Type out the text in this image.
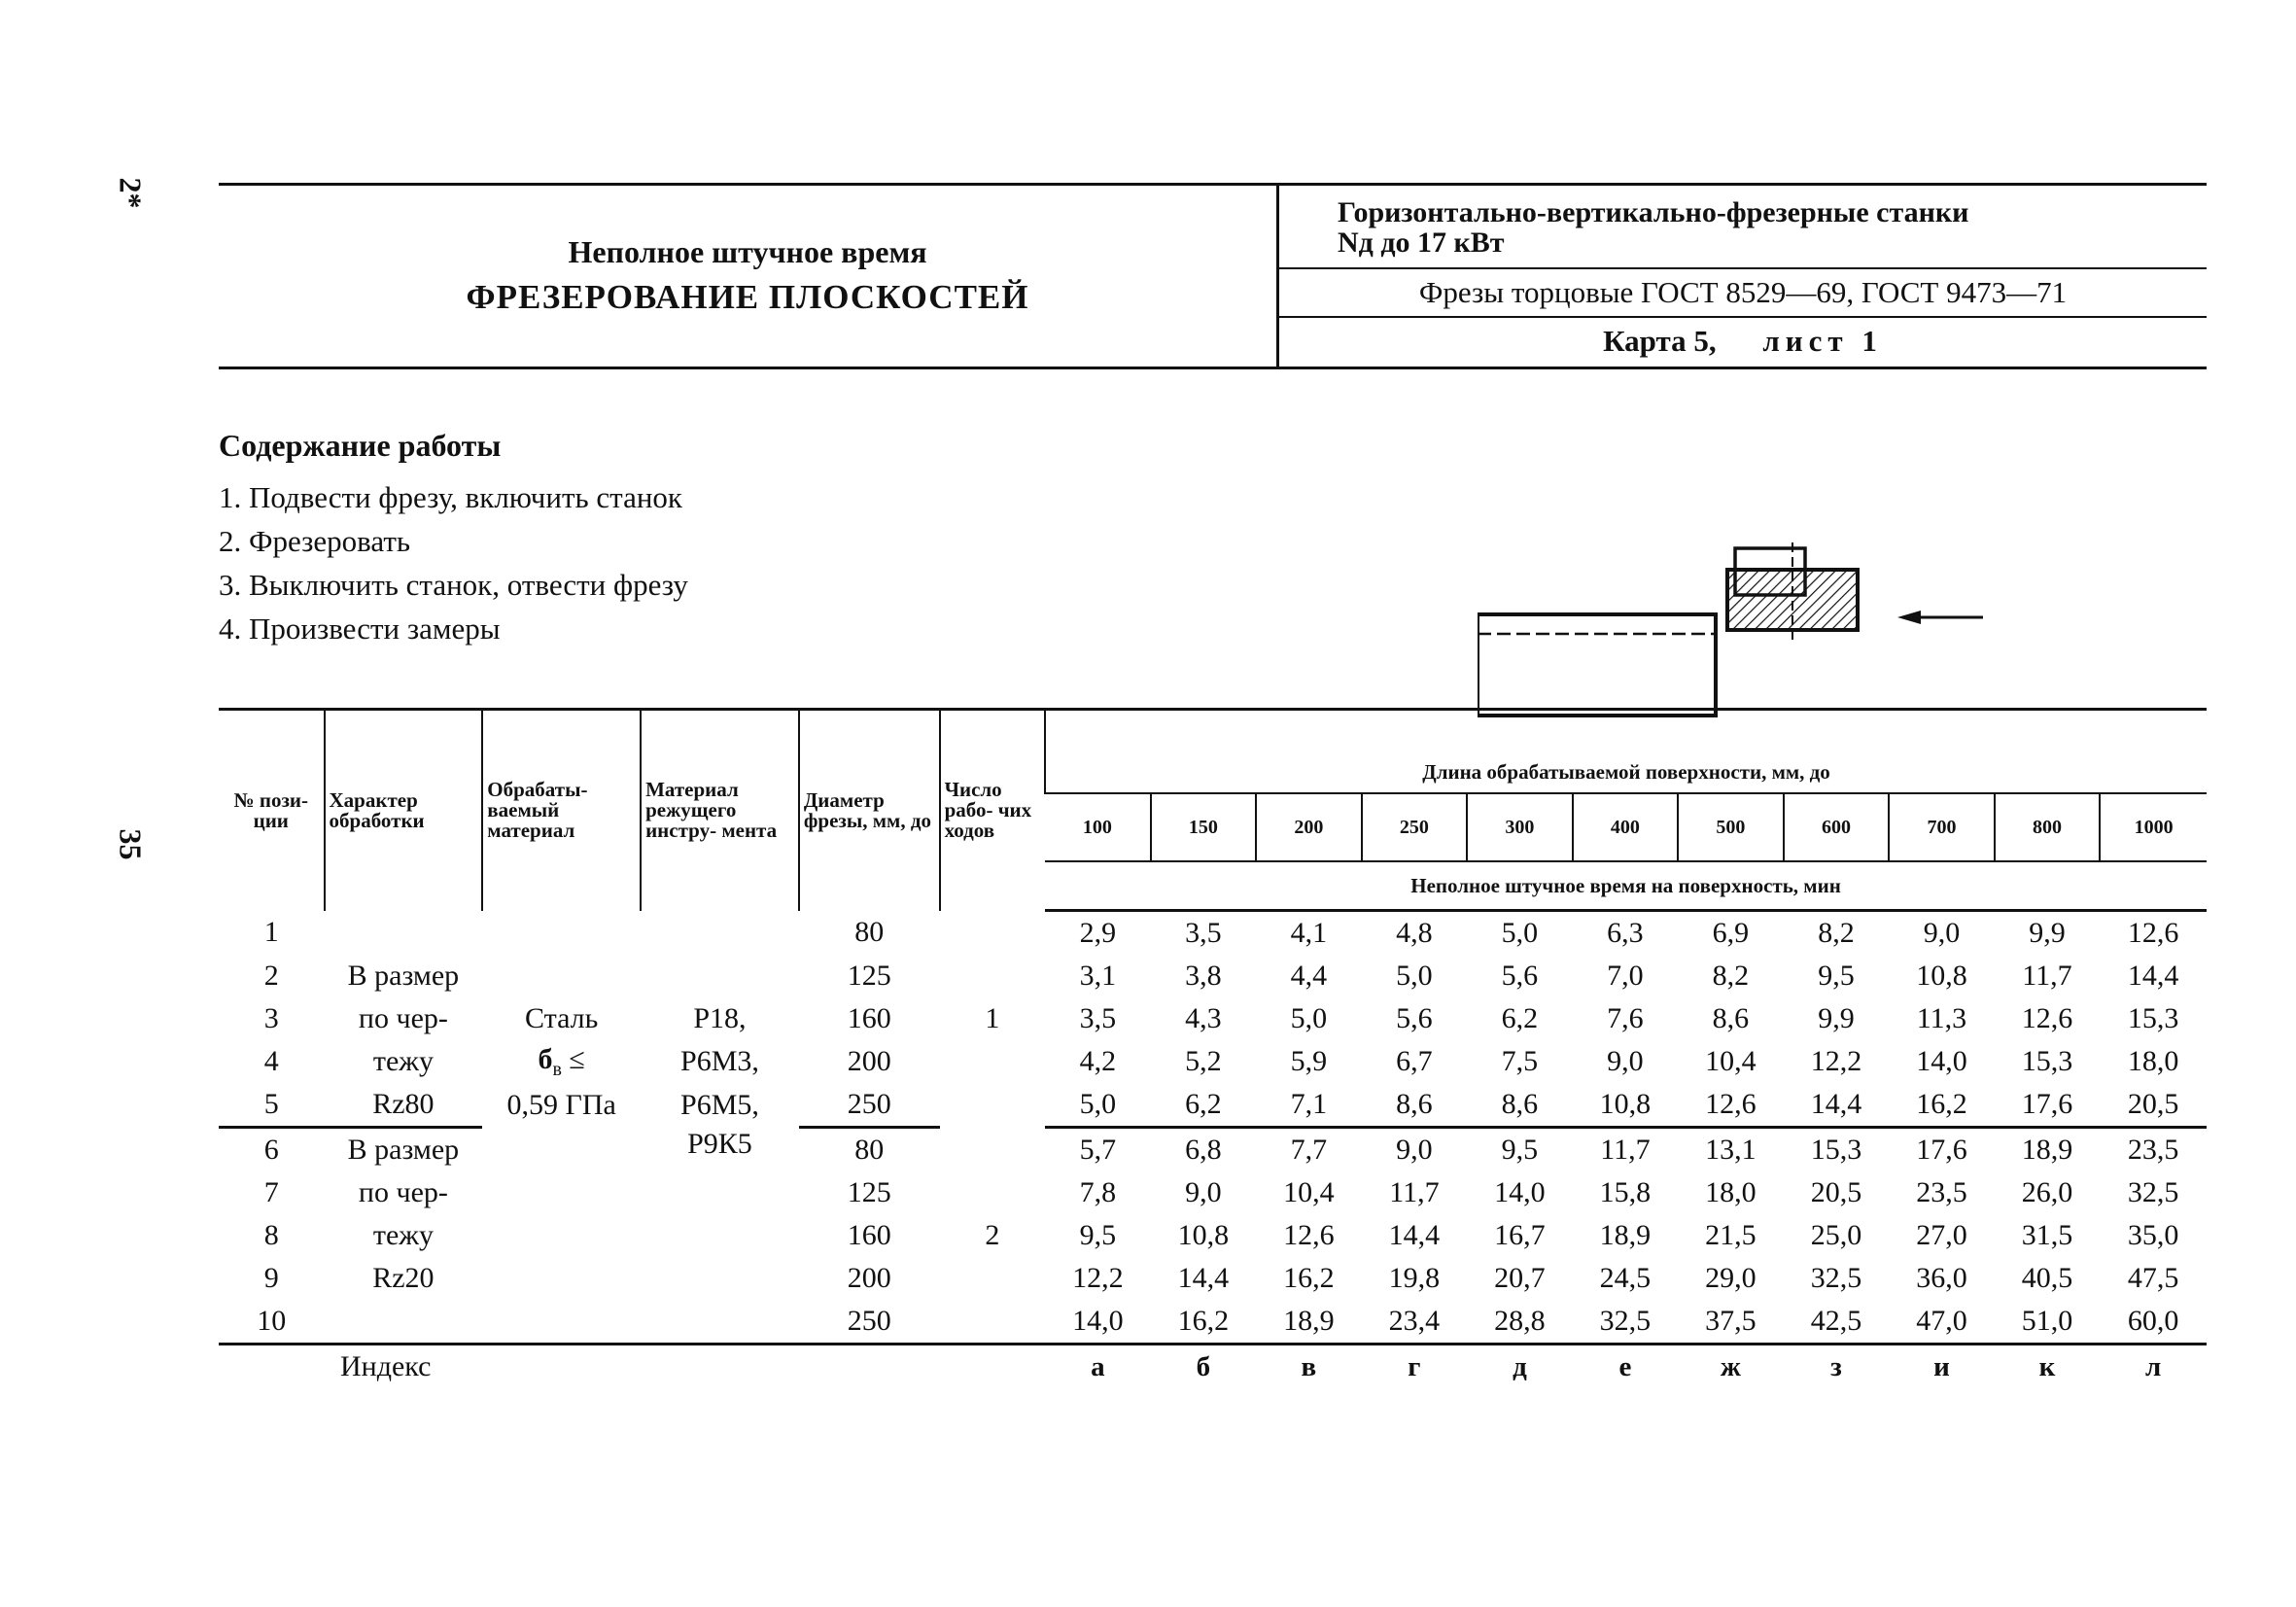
2*
35
Неполное штучное время
ФРЕЗЕРОВАНИЕ ПЛОСКОСТЕЙ
Горизонтально-вертикально-фрезерные станки
Nд до 17 кВт
Фрезы торцовые ГОСТ 8529—69, ГОСТ 9473—71
Карта 5, лист 1
Содержание работы
1. Подвести фрезу, включить станок
2. Фрезеровать
3. Выключить станок, отвести фрезу
4. Произвести замеры
№ пози- ции	Характер обработки	Обрабаты- ваемый материал	Материал режущего инстру- мента	Диаметр фрезы, мм, до	Число рабо- чих ходов	Длина обрабатываемой поверхности, мм, до										
						100	150	200	250	300	400	500	600	700	800	1000
						Неполное штучное время на поверхность, мин										
1				80		2,9	3,5	4,1	4,8	5,0	6,3	6,9	8,2	9,0	9,9	12,6
2	В размер			125		3,1	3,8	4,4	5,0	5,6	7,0	8,2	9,5	10,8	11,7	14,4
3	по чер-	Сталь	Р18,	160	1	3,5	4,3	5,0	5,6	6,2	7,6	8,6	9,9	11,3	12,6	15,3
4	тежу	$б_в$ ≤	Р6М3,	200		4,2	5,2	5,9	6,7	7,5	9,0	10,4	12,2	14,0	15,3	18,0
5	Rz80	0,59 ГПа	Р6М5,	250		5,0	6,2	7,1	8,6	8,6	10,8	12,6	14,4	16,2	17,6	20,5
6	В размер		Р9К5	80		5,7	6,8	7,7	9,0	9,5	11,7	13,1	15,3	17,6	18,9	23,5
7	по чер-			125		7,8	9,0	10,4	11,7	14,0	15,8	18,0	20,5	23,5	26,0	32,5
8	тежу			160	2	9,5	10,8	12,6	14,4	16,7	18,9	21,5	25,0	27,0	31,5	35,0
9	Rz20			200		12,2	14,4	16,2	19,8	20,7	24,5	29,0	32,5	36,0	40,5	47,5
10				250		14,0	16,2	18,9	23,4	28,8	32,5	37,5	42,5	47,0	51,0	60,0
Индекс						а	б	в	г	д	е	ж	з	и	к	л
